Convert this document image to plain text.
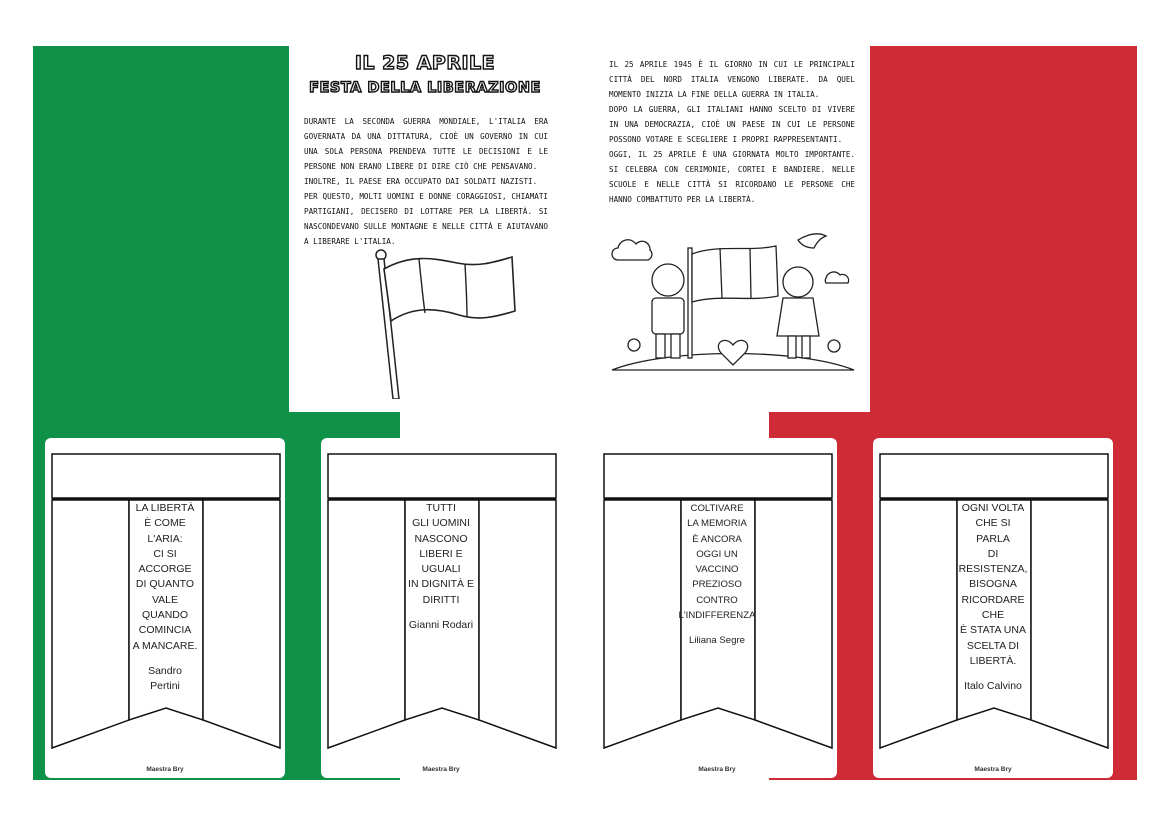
IL 25 APRILE
FESTA DELLA LIBERAZIONE

DURANTE LA SECONDA GUERRA MONDIALE, L'ITALIA ERA GOVERNATA DA UNA DITTATURA, CIOÈ UN GOVERNO IN CUI UNA SOLA PERSONA PRENDEVA TUTTE LE DECISIONI E LE PERSONE NON ERANO LIBERE DI DIRE CIÒ CHE PENSAVANO.

INOLTRE, IL PAESE ERA OCCUPATO DAI SOLDATI NAZISTI.

PER QUESTO, MOLTI UOMINI E DONNE CORAGGIOSI, CHIAMATI PARTIGIANI, DECISERO DI LOTTARE PER LA LIBERTÀ. SI NASCONDEVANO SULLE MONTAGNE E NELLE CITTÀ E AIUTAVANO A LIBERARE L'ITALIA.

IL 25 APRILE 1945 È IL GIORNO IN CUI LE PRINCIPALI CITTÀ DEL NORD ITALIA VENGONO LIBERATE. DA QUEL MOMENTO INIZIA LA FINE DELLA GUERRA IN ITALIA.

DOPO LA GUERRA, GLI ITALIANI HANNO SCELTO DI VIVERE IN UNA DEMOCRAZIA, CIOÈ UN PAESE IN CUI LE PERSONE POSSONO VOTARE E SCEGLIERE I PROPRI RAPPRESENTANTI.

OGGI, IL 25 APRILE È UNA GIORNATA MOLTO IMPORTANTE. SI CELEBRA CON CERIMONIE, CORTEI E BANDIERE. NELLE SCUOLE E NELLE CITTÀ SI RICORDANO LE PERSONE CHE HANNO COMBATTUTO PER LA LIBERTÀ.

LA LIBERTÀ
È COME
L'ARIA:
CI SI
ACCORGE
DI QUANTO
VALE
QUANDO
COMINCIA
A MANCARE.
Sandro
Pertini
Maestra Bry
TUTTI
GLI UOMINI
NASCONO
LIBERI E
UGUALI
IN DIGNITÀ E
DIRITTI
Gianni Rodari
Maestra Bry
COLTIVARE
LA MEMORIA
È ANCORA
OGGI UN
VACCINO
PREZIOSO
CONTRO
L'INDIFFERENZA
Liliana Segre
Maestra Bry
OGNI VOLTA
CHE SI
PARLA
DI
RESISTENZA,
BISOGNA
RICORDARE
CHE
È STATA UNA
SCELTA DI
LIBERTÀ.
Italo Calvino
Maestra Bry
